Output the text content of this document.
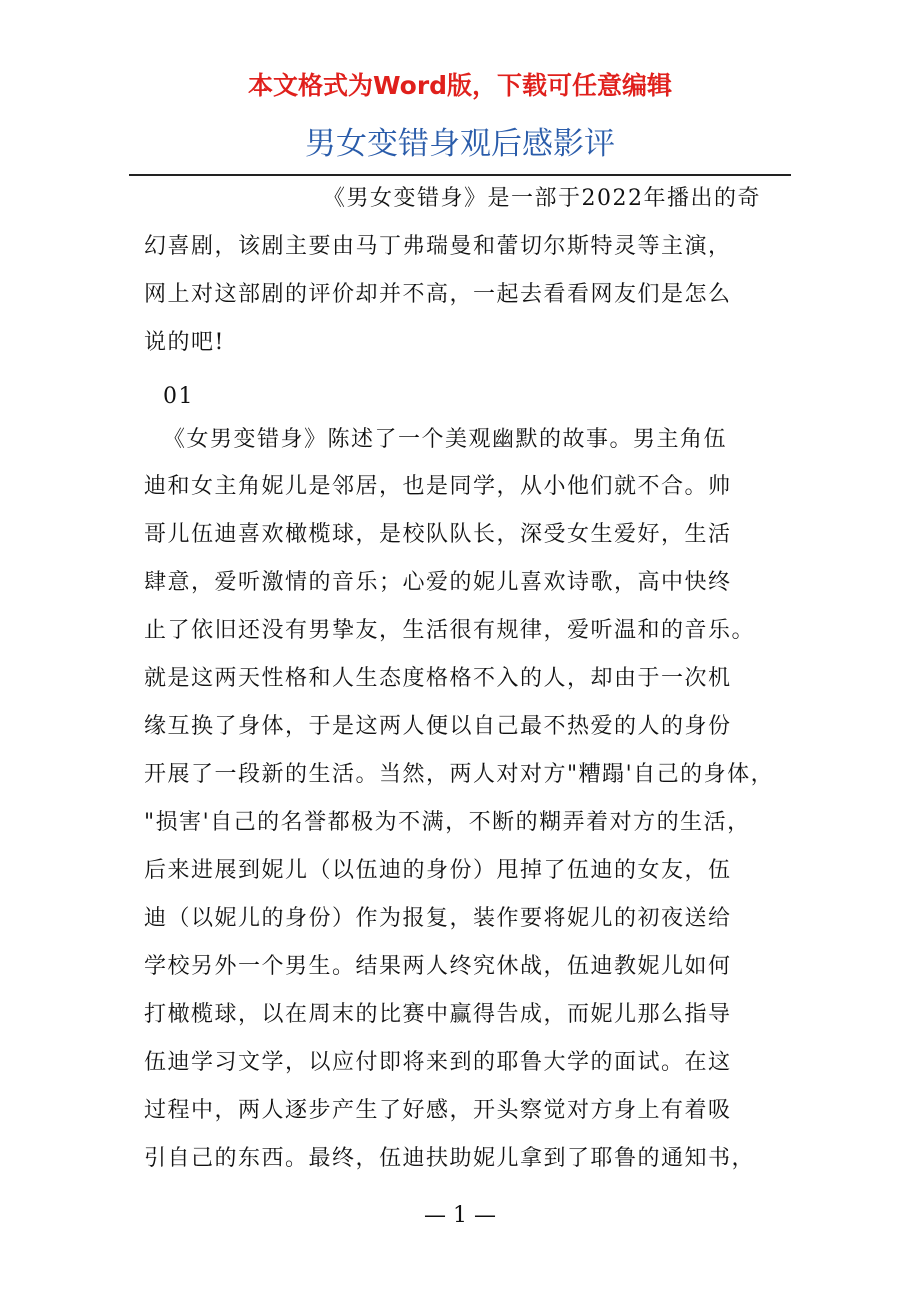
本文格式为Word版，下载可任意编辑
男女变错身观后感影评
《男女变错身》是一部于2022年播出的奇
幻喜剧，该剧主要由马丁弗瑞曼和蕾切尔斯特灵等主演，
网上对这部剧的评价却并不高，一起去看看网友们是怎么
说的吧!
01
《女男变错身》陈述了一个美观幽默的故事。男主角伍
迪和女主角妮儿是邻居，也是同学，从小他们就不合。帅
哥儿伍迪喜欢橄榄球，是校队队长，深受女生爱好，生活
肆意，爱听激情的音乐；心爱的妮儿喜欢诗歌，高中快终
止了依旧还没有男挚友，生活很有规律，爱听温和的音乐。
就是这两天性格和人生态度格格不入的人，却由于一次机
缘互换了身体，于是这两人便以自己最不热爱的人的身份
开展了一段新的生活。当然，两人对对方"糟蹋'自己的身体，
"损害'自己的名誉都极为不满，不断的糊弄着对方的生活，
后来进展到妮儿（以伍迪的身份）甩掉了伍迪的女友，伍
迪（以妮儿的身份）作为报复，装作要将妮儿的初夜送给
学校另外一个男生。结果两人终究休战，伍迪教妮儿如何
打橄榄球，以在周末的比赛中赢得告成，而妮儿那么指导
伍迪学习文学，以应付即将来到的耶鲁大学的面试。在这
过程中，两人逐步产生了好感，开头察觉对方身上有着吸
引自己的东西。最终，伍迪扶助妮儿拿到了耶鲁的通知书，
— 1 —
